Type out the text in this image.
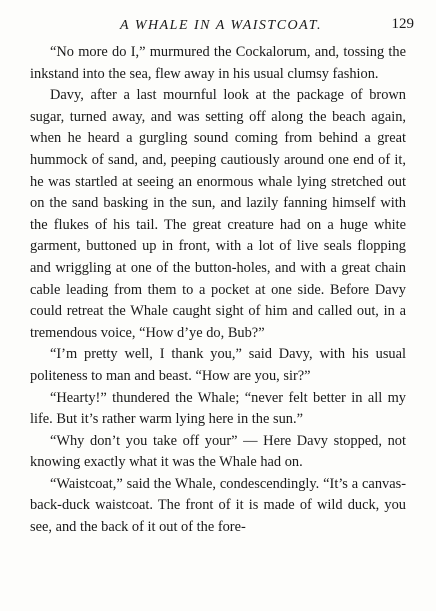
A WHALE IN A WAISTCOAT.	129

“No more do I,” murmured the Cockalorum, and, tossing the inkstand into the sea, flew away in his usual clumsy fashion.

Davy, after a last mournful look at the package of brown sugar, turned away, and was setting off along the beach again, when he heard a gurgling sound coming from behind a great hummock of sand, and, peeping cautiously around one end of it, he was startled at seeing an enormous whale lying stretched out on the sand basking in the sun, and lazily fanning himself with the flukes of his tail. The great creature had on a huge white garment, buttoned up in front, with a lot of live seals flopping and wriggling at one of the button-holes, and with a great chain cable leading from them to a pocket at one side. Before Davy could retreat the Whale caught sight of him and called out, in a tremendous voice, “How d’ye do, Bub?”

“I’m pretty well, I thank you,” said Davy, with his usual politeness to man and beast. “How are you, sir?”

“Hearty!” thundered the Whale; “never felt better in all my life. But it’s rather warm lying here in the sun.”

“Why don’t you take off your” — Here Davy stopped, not knowing exactly what it was the Whale had on.

“Waistcoat,” said the Whale, condescendingly. “It’s a canvas-back-duck waistcoat. The front of it is made of wild duck, you see, and the back of it out of the fore-
